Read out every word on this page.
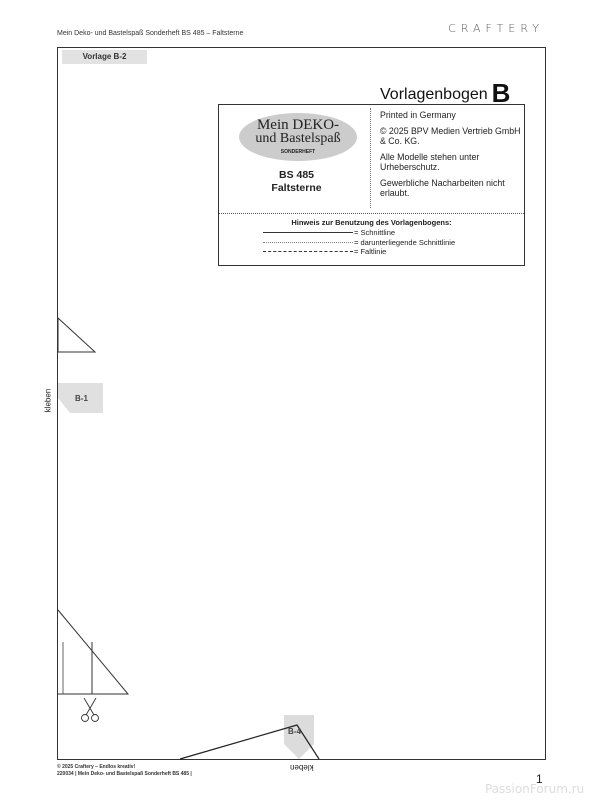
Mein Deko- und Bastelspaß Sonderheft BS 485 – Faltsterne	CRAFTERY
Vorlage B-2
Vorlagenbogen B
Mein DEKO-
und Bastelspaß
SONDERHEFT
BS 485
Faltsterne

Printed in Germany

© 2025 BPV Medien Vertrieb GmbH & Co. KG.

Alle Modelle stehen unter Urheberschutz.

Gewerbliche Nacharbeiten nicht erlaubt.

Hinweis zur Benutzung des Vorlagenbogens:
= Schnittline
= darunterliegende Schnittlinie
= Faltlinie
B-1
kleben
B-4
kleben
© 2025 Craftery – Endlos kreativ!
220034 | Mein Deko- und Bastelspaß Sonderheft BS 485 |	1
PassionForum.ru
